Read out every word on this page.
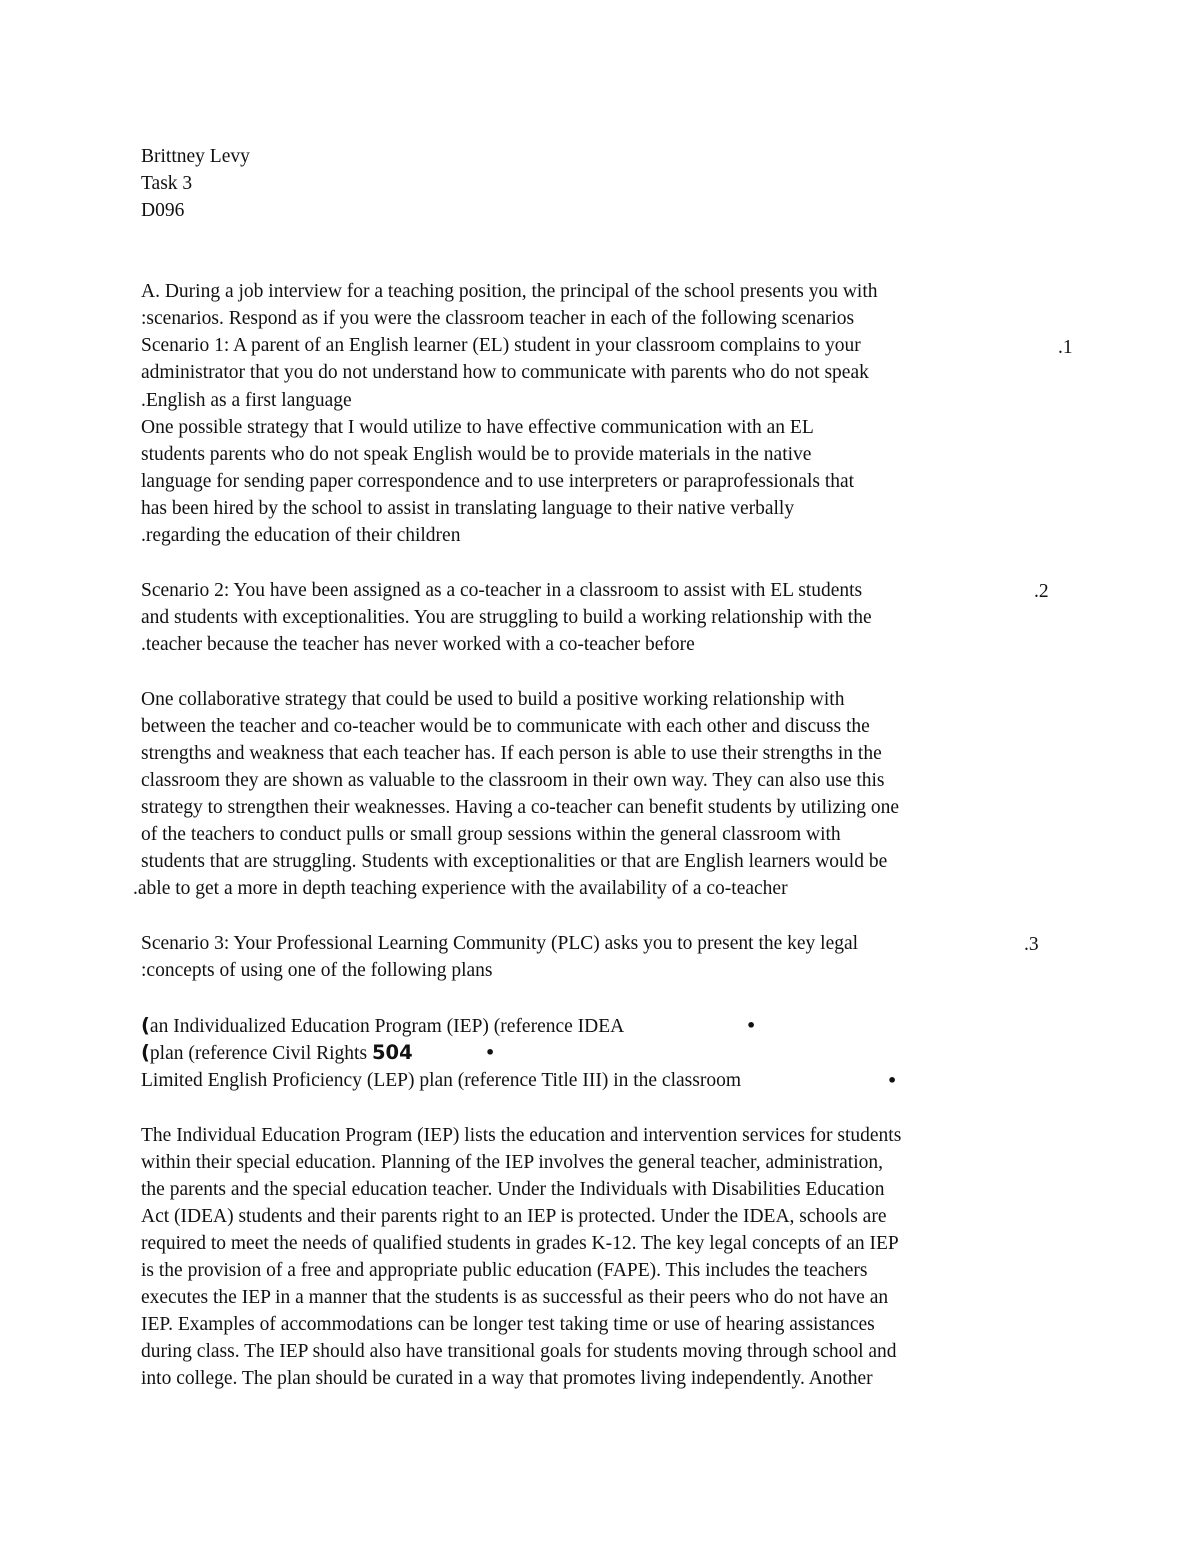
Brittney Levy
Task 3
D096
A. During a job interview for a teaching position, the principal of the school presents you with
:scenarios. Respond as if you were the classroom teacher in each of the following scenarios
Scenario 1: A parent of an English learner (EL) student in your classroom complains to your	.1
administrator that you do not understand how to communicate with parents who do not speak
.English as a first language
One possible strategy that I would utilize to have effective communication with an EL
students parents who do not speak English would be to provide materials in the native
language for sending paper correspondence and to use interpreters or paraprofessionals that
has been hired by the school to assist in translating language to their native verbally
.regarding the education of their children
Scenario 2: You have been assigned as a co-teacher in a classroom to assist with EL students	.2
and students with exceptionalities. You are struggling to build a working relationship with the
.teacher because the teacher has never worked with a co-teacher before
One collaborative strategy that could be used to build a positive working relationship with
between the teacher and co-teacher would be to communicate with each other and discuss the
strengths and weakness that each teacher has. If each person is able to use their strengths in the
classroom they are shown as valuable to the classroom in their own way. They can also use this
strategy to strengthen their weaknesses. Having a co-teacher can benefit students by utilizing one
of the teachers to conduct pulls or small group sessions within the general classroom with
students that are struggling. Students with exceptionalities or that are English learners would be
.able to get a more in depth teaching experience with the availability of a co-teacher
Scenario 3: Your Professional Learning Community (PLC) asks you to present the key legal	.3
:concepts of using one of the following plans
(an Individualized Education Program (IEP) (reference IDEA	•
(plan (reference Civil Rights 504	•
Limited English Proficiency (LEP) plan (reference Title III) in the classroom	•
The Individual Education Program (IEP) lists the education and intervention services for students
within their special education. Planning of the IEP involves the general teacher, administration,
the parents and the special education teacher. Under the Individuals with Disabilities Education
Act (IDEA) students and their parents right to an IEP is protected. Under the IDEA, schools are
required to meet the needs of qualified students in grades K-12. The key legal concepts of an IEP
is the provision of a free and appropriate public education (FAPE). This includes the teachers
executes the IEP in a manner that the students is as successful as their peers who do not have an
IEP. Examples of accommodations can be longer test taking time or use of hearing assistances
during class. The IEP should also have transitional goals for students moving through school and
into college. The plan should be curated in a way that promotes living independently. Another
